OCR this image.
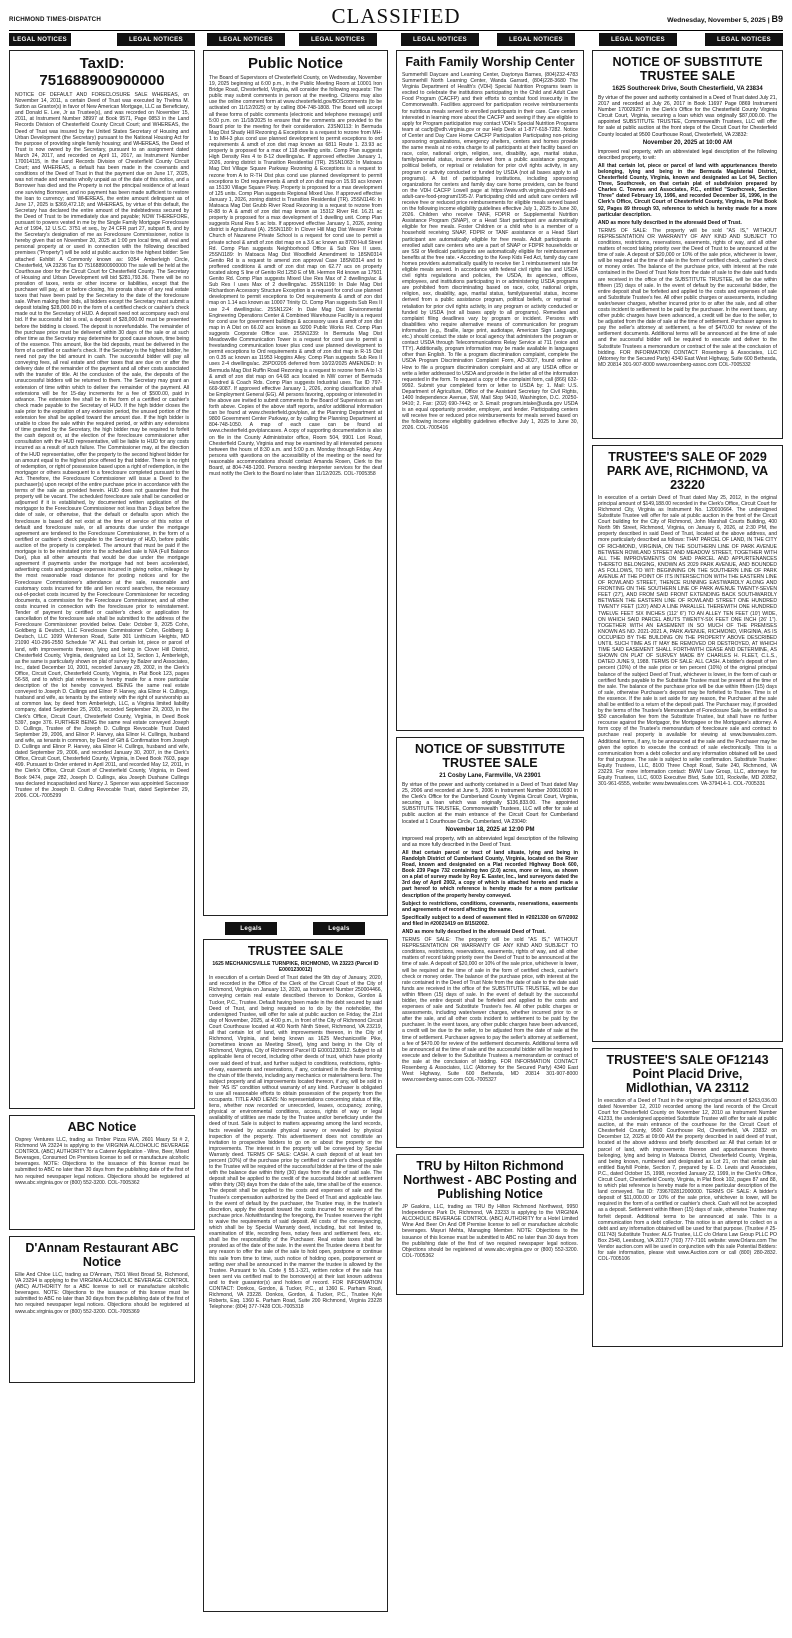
RICHMOND TIMES-DISPATCH	CLASSIFIED	Wednesday, November 5, 2025 | B9
LEGAL NOTICES	LEGAL NOTICES	LEGAL NOTICES	LEGAL NOTICES	LEGAL NOTICES	LEGAL NOTICES	LEGAL NOTICES	LEGAL NOTICES
TaxID: 751688900900000
NOTICE OF DEFAULT AND FORECLOSURE SALE WHEREAS, on November 14, 2011, a certain Deed of Trust was executed by Thelma M. Sutton as Grantor(s) in favor of New American Mortgage, LLC as Beneficiary, and Donald E. Lee, Jr as Trustee(s), and was recorded on November 15, 2011, at Instrument Number 38997 at Book 9571, Page 0853 in the Land Records Division of Chesterfield County Circuit Court; and WHEREAS, the Deed of Trust was insured by the United States Secretary of Housing and Urban Development (the Secretary) pursuant to the National Housing Act for the purpose of providing single family housing; and WHEREAS, the Deed of Trust is now owned by the Secretary, pursuant to an assignment dated March 24, 2017, and recorded on April 11, 2017, as Instrument Number 170014115, in the Land Records Division of Chesterfield County Circuit Court; and WHEREAS, a default has been made in the covenants and conditions of the Deed of Trust in that the payment due on June 17, 2025, was not made and remains wholly unpaid as of the date of this notice, and a Borrower has died and the Property is not the principal residence of at least one surviving Borrower, and no payment has been made sufficient to restore the loan to currency; and WHEREAS, the entire amount delinquent as of June 17, 2025 is $369,472.18; and WHEREAS, by virtue of this default, the Secretary has declared the entire amount of the indebtedness secured by the Deed of Trust to be immediately due and payable; NOW THEREFORE, pursuant to powers vested in me by the Single Family Mortgage Foreclosure Act of 1994, 12 U.S.C. 3751 et seq., by 24 CFR part 27, subpart B, and by the Secretary's designation of me as Foreclosure Commissioner, notice is hereby given that on November 20, 2025 at 1:00 pm local time, all real and personal property at or used in connection with the following described premises ("Property") will be sold at public auction to the highest bidder: See attached Exhibit A Commonly known as: 9354 Amberleigh Circle, Chesterfield, VA 23236 Tax ID 751688900900000 The sale will be held at the Courthouse door for the Circuit Court for Chesterfield County. The Secretary of Housing and Urban Development will bid $281,793.36. There will be no proration of taxes, rents or other income or liabilities, except that the purchaser will pay, at or before closing, his prorata share of any real estate taxes that have been paid by the Secretary to the date of the foreclosure sale. When making their bids, all bidders except the Secretary must submit a deposit totaling $28,000.00 in the form of a certified check or cashier's check made out to the Secretary of HUD. A deposit need not accompany each oral bid. If the successful bid is oral, a deposit of $28,000.00 must be presented before the bidding is closed. The deposit is nonrefundable. The remainder of the purchase price must be delivered within 30 days of the sale or at such other time as the Secretary may determine for good cause shown, time being of the essence. This amount, like the bid deposits, must be delivered in the form of a certified or cashier's check. If the Secretary is the highest bidder, he need not pay the bid amount in cash. The successful bidder will pay all conveying fees, all real estate and other taxes that are due on or after the delivery date of the remainder of the payment and all other costs associated with the transfer of title. At the conclusion of the sale, the deposits of the unsuccessful bidders will be returned to them. The Secretary may grant an extension of time within which to deliver the remainder of the payment. All extensions will be for 15-day increments for a fee of $500.00, paid in advance. The extension fee shall be in the form of a certified or cashier's check made payable to the Secretary of HUD. If the high bidder closes the sale prior to the expiration of any extension period, the unused portion of the extension fee shall be applied toward the amount due. If the high bidder is unable to close the sale within the required period, or within any extensions of time granted by the Secretary, the high bidder may be required to forfeit the cash deposit or, at the election of the foreclosure commissioner after consultation with the HUD representative, will be liable to HUD for any costs incurred as a result of such failure. The Commissioner may, at the direction of the HUD representative, offer the property to the second highest bidder for an amount equal to the highest price offered by that bidder. There is no right of redemption, or right of possession based upon a right of redemption, in the mortgagor or others subsequent to a foreclosure completed pursuant to the Act. Therefore, the Foreclosure Commissioner will issue a Deed to the purchaser(s) upon receipt of the entire purchase price in accordance with the terms of the sale as provided herein. HUD does not guarantee that the property will be vacant. The scheduled foreclosure sale shall be cancelled or adjourned if it is established, by documented written application of the mortgagor to the Foreclosure Commissioner not less than 3 days before the date of sale, or otherwise, that the default or defaults upon which the foreclosure is based did not exist at the time of service of this notice of default and foreclosure sale, or all amounts due under the mortgage agreement are tendered to the Foreclosure Commissioner, in the form of a certified or cashier's check payable to the Secretary of HUD, before public auction of the property is completed. The amount that must be paid if the mortgage is to be reinstated prior to the scheduled sale is N/A (Full Balance Due), plus all other amounts that would be due under the mortgage agreement if payments under the mortgage had not been accelerated, advertising costs and postage expenses incurred in giving notice, mileage by the most reasonable road distance for posting notices and for the Foreclosure Commissioner's attendance at the sale, reasonable and customary costs incurred for title and lien record searches, the necessary out-of-pocket costs incurred by the Foreclosure Commissioner for recording documents, a commission for the Foreclosure Commissioner, and all other costs incurred in connection with the foreclosure prior to reinstatement. Tender of payment by certified or cashier's check or application for cancellation of the foreclosure sale shall be submitted to the address of the Foreclosure Commissioner provided below. Date: October 9, 2025 Cohn, Goldberg & Deutsch, LLC Foreclosure Commissioner Cohn, Goldberg & Deutsch, LLC 1099 Winterson Road, Suite 301 Linthicum Heights, MD 21090 410-296-2550 Schedule "A" ALL that certain lot, piece or parcel of land, with improvements thereon, lying and being in Clover Hill District, Chesterfield County, Virginia, designated as Lot 13, Section 1, Amberleigh, as the same is particularly shown on plat of survey by Balzer and Associates, Inc., dated December 10, 2001, recorded January 28, 2002, in the Clerk's Office, Circuit Court, Chesterfield County, Virginia, in Plat Book 123, pages 56-58, and to which plat reference is hereby made for a more particular description of the lot hereby conveyed. BEING the same real estate conveyed to Joseph D. Cullings and Elinor P. Harvey, aka Elinor H. Cullings, husband and wife, as tenants by the entirety with the right of survivorship as at common law, by deed from Amberleigh, LLC, a Virginia limited liability company, dated September 25, 2003, recorded September 29, 2003, in the Clerk's Office, Circuit Court, Chesterfield County, Virginia, in Deed Book 5397, page 376. FURTHER BEING the same real estate conveyed Joseph D. Cullings, Trustee of the Joseph D. Cullings Revocable Trust Dated September 29, 2006, and Elinor P. Harvey, aka Elinor H. Cullings, husband and wife, as tenants in common, by Deed of Gift & Confirmation from Joseph D. Cullings and Elinor P. Harvey, aka Elinor H. Cullings, husband and wife, dated September 29, 2006, and recorded January 30, 2007, in the Clerk's Office, Circuit Court, Chesterfield County, Virginia, in Deed Book 7603, page 499. Pursuant to Order entered in April 2011, and recorded May 12, 2011, in the Clerk's Office, Circuit Court of Chesterfield County, Virginia, in Deed Book 9474, page 282, Joseph D. Cullings, aka Joseph Dushane Cullings was declared incapacitated and Nancy J. Spencer was appointed Successor Trustee of the Joseph D. Culling Revocable Trust, dated September 29, 2006. COL-7005299
ABC Notice
Osprey Ventures LLC, trading as Timber Pizza RVA, 2601 Maury St # 2, Richmond VA 23224 is applying to the VIRGINIA ALCOHOLIC BEVERAGE CONTROL (ABC) AUTHORITY for a Caterer Application - Wine, Beer, Mixed Beverages, Consumed On Premises license to sell or manufacture alcoholic beverages. NOTE: Objections to the issuance of this license must be submitted to ABC no later than 30 days from the publishing date of the first of two required newspaper legal notices. Objections should be registered at www.abc.virginia.gov or (800) 552-3200. COL-7005362
D'Annam Restaurant ABC Notice
Ellie And Chloe LLC, trading as D'Annam, 7501 West Broad St, Richmond, VA 23294 is applying to the VIRGINIA ALCOHOLIC BEVERAGE CONTROL (ABC) AUTHORITY for a ABC license to sell or manufacture alcoholic beverages. NOTE: Objections to the issuance of this license must be submitted to ABC no later than 30 days from the publishing date of the first of two required newspaper legal notices. Objections should be registered at www.abc.virginia.gov or (800) 552-3200. COL-7005369
Public Notice
The Board of Supervisors of Chesterfield County, on Wednesday, November 19, 2025 beginning at 6:00 p.m., in the Public Meeting Room at 10001 Iron Bridge Road, Chesterfield, Virginia, will consider the following requests: The public may submit comments in person at the meeting. Citizens may also use the online comment form at www.chesterfield.gov/BOScomments (to be activated on 11/12/2025) or by calling 804-748-1808. The Board will accept all these forms of public comments (electronic and telephone message) until 5:00 p.m. on 11/18/2025 to ensure that the comments are provided to the Board prior to the meeting for their consideration. 23SN0113: In Bermuda Mag Dist Shady Hill Rezoning & Exceptions is a request to rezone from MH-1 to MH-3 plus cond use planned development to permit exceptions to ord requirements & amdt of zon dist map known as 6811 Route 1. 23.93 ac property is proposed for a max of 118 dwelling units. Comp Plan suggests High Density Res 4 to 8-12 dwellings/ac. If approved effective January 1, 2026, zoning district is Transition Residential (TR). 25SN1063: In Matoaca Mag Dist Village Square Parkway Rezoning & Exceptions is a request to rezone from A to R-TH Dist plus cond use planned development to permit exceptions to Ord requirements & amdt of zon dist map on 15.93 acs known as 15130 Village Square Pkwy. Property is proposed for a max development of 125 units. Comp Plan suggests Regional Mixed Use. If approved effective January 1, 2026, zoning district is Transition Residential (TR). 25SN1146: In Matoaca Mag Dist Grubb River Road Rezoning is a request to rezone from R-88 to A & amdt of zon dist map known as 15312 River Rd. 16.21 ac property is proposed for a max development of 1 dwelling unit. Comp Plan suggests Rural Res 5 ac lots. If approved effective January 1, 2026, zoning district is Agricultural (A). 25SN1180: In Clover Hill Mag Dist Weaver Pointe Church of Nazarene Private School is a request for cond use to permit a private school & amdt of zon dist map on a 3.6 ac known as 8700 Hull Street Rd. Comp Plan suggests Neighborhood Office & Sub Res II uses. 25SN1189: In Matoaca Mag Dist Woodfield Amendment to 18SN0314 Genito Rd is a request to amend zon approval Case 18SN0314 and to proffered conditions & amdt of zon dist map on 62.77 acs on property located along S line of Genito Rd 1250 E of Mt. Hermon Rd known as 17501 Genito Rd. Comp Plan suggests Mixed Use Res Max of 2 dwellings/ac & Sub Res I uses Max of 2 dwellings/ac. 25SN1199: In Dale Mag Dist Richardson Accessory Structure Exception is a request for cond use planned development to permit exceptions to Ord requirements & amdt of zon dist map on 1.14 acs known as 10007 Trinity Ct. Comp Plan suggests Sub Res II use 2-4 dwellings/ac. 25SN1224: In Dale Mag Dist Environmental Engineering Operations Center & Combined Warehouse Facility is a request for cond use for government buildings & accessory uses & amdt of zon dist map in A Dist on 66.02 acs known as 9200 Public Works Rd. Comp Plan suggests Corporate Office use. 25SN1239: In Bermuda Mag Dist Meadowville Communication Tower is a request for cond use to permit a freestanding communication tower plus cond use planned development to permit exceptions to Ord requirements & amdt of zon dist map in R-15 Dist on 0.35 ac known as 11953 Hoggins Alley. Comp Plan suggests Sub Res II uses 2-4 dwellings/ac. 25PD0205 deferred from 10/22/2025 AMENDED: In Bermuda Mag Dist Ruffin Road Rezoning is a request to rezone from A to I-3 & amdt of zon dist map on 64.68 acs located in NW corner of Bermuda Hundred & Coach Rds. Comp Plan suggests Industrial uses. Tax ID 797-669-9087. If approved effective January 1, 2026, zoning classification shall be Employment General (EG). All persons favoring, opposing or interested in the above are invited to submit comments to the Board of Supervisors as set forth above. Copies of the above staff reports, and/or additional information can be found at www.chesterfield.gov/plan, at the Planning Department at 9800 Government Center Parkway, or by calling the Planning Department at 804-748-1050. A map of each case can be found at www.chesterfield.gov/plancases. A copy of supporting documentation is also on file in the County Administrator office, Room 504, 9901 Lori Road, Chesterfield County, Virginia and may be examined by all interested persons between the hours of 8:30 a.m. and 5:00 p.m. Monday through Friday. Any persons with questions on the accessibility of the meeting or the need for reasonable accommodations should contact Amanda Rosen, Clerk to the Board, at 804-748-1200. Persons needing interpreter services for the deaf must notify the Clerk to the Board no later than 11/12/2025. COL-7005358
Legals	Legals
TRUSTEE SALE

1625 MECHANICSVILLE TURNPIKE, RICHMOND, VA 23223 (Parcel ID E0001230012)

In execution of a certain Deed of Trust dated the 9th day of January, 2020, and recorded in the Office of the Clerk of the Circuit Court of the City of Richmond, Virginia on January 13, 2020, as Instrument Number 250004466, conveying certain real estate described thereon to Donkos, Gordon & Tucker, P.C., Trustee. Default having been made in the debt secured by said Deed of Trust, and being required so to do by the noteholder, the undersigned Trustee, will offer for sale at public auction on Friday, the 21st day of November, 2025, at 4:00 p.m., in front of the City of Richmond Circuit Court Courthouse located at 400 North Ninth Street, Richmond, VA 23219, all that certain lot of land, with improvements thereon, in the City of Richmond, Virginia, and being known as 1625 Mechanicsville Pike, (sometimes known as Meeting Street), lying and being in the City of Richmond, Virginia, City of Richmond Parcel ID E0001230012. Subject to all applicable liens of record, including other deeds of trust, which have priority over said deed of trust, and further subject to conditions, restrictions, rights-of-way, easements and reservations, if any, contained in the deeds forming the chain of title thereto, including any mechanics or materialmens liens. The subject property and all improvements located thereon, if any, will be sold in their "AS IS" condition without warranty of any kind. Purchaser is obligated to use all reasonable efforts to obtain possession of the property from the occupants. TITLE AND LIENS: No representations concerning status of title, liens, whether now recorded or unrecorded, leases, occupancy, zoning, physical or environmental conditions, access, rights of way or legal availability of utilities are made by the Trustee and/or beneficiary under the deed of trust. Sale is subject to matters appearing among the land records, facts revealed by accurate physical survey or revealed by physical inspection of the property. This advertisement does not constitute an invitation to prospective bidders to go on or about the property or the improvements. The interest in the property will be conveyed by Special Warranty deed. TERMS OF SALE: CASH. A cash deposit of at least ten percent (10%) of the purchase price by certified or cashier's check payable to the Trustee will be required of the successful bidder at the time of the sale with the balance due within thirty (30) days from the date of said sale. The deposit shall be applied to the credit of the successful bidder at settlement within thirty (30) days from the date of the sale, time shall be of the essence. The deposit shall be applied to the costs and expenses of sale and the Trustee's compensation authorized by the Deed of Trust and applicable law. In the event of default by the purchaser, the Trustee may, in the trustee's discretion, apply the deposit toward the costs incurred for recovery of the purchase price. Notwithstanding the foregoing, the Trustee reserves the right to waive the requirements of said deposit. All costs of the conveyancing, which shall be by Special Warranty deed, including, but not limited to, examination of title, recording fees, notary fees and settlement fees, etc. shall be the responsibility of the Purchaser. Real estate taxes shall be prorated as of the date of the sale. In the event the Trustee deems it best for any reason to offer the sale of the sale to hold open, postpone or continue this sale from time to time, such notice of holding open, postponement or setting over shall be announced in the manner the trustee is allowed by the Trustee. Pursuant to Va. Code § 55.1-321, written notice of the sale has been sent via certified mail to the borrower(s) at their last known address and to their guarantor(s) and holders of record. FOR INFORMATION CONTACT: Donkos, Gordon, & Tucker, P.C., at 1360 E. Parham Road, Richmond, VA 23228. Donkos, Gordon, & Tucker, P.C., Trustee Kyle Roberts, Esq. 1360 E. Parham Road, Suite 200 Richmond, Virginia 23228 Telephone: (804) 377-7428 COL-7005318
Faith Family Worship Center
Summerhill Daycare and Learning Center, Daytonya Barnes, (804)232-4783 Summerhill North Learning Center, Wanda Garrard, (804)228-3680 The Virginia Department of Health's (VDH) Special Nutrition Programs team is excited to celebrate the institutions participating in the Child and Adult Care Food Program (CACFP) and their efforts to combat food insecurity in the Commonwealth. Facilities approved for participation receive reimbursements for nutritious meals served to enrolled participants in their care. Care centers interested in learning more about the CACFP and seeing if they are eligible to apply for Program participation may contact VDH's Special Nutrition Programs team at cacfp@vdh.virginia.gov or our Help Desk at 1-877-618-7282. Notice of Center and Day Care Home CACFP Participation Participating non-pricing sponsoring organizations, emergency shelters, centers and homes provide the same meals at no extra charge to all participants at their facility based on race, color, national origin, religion, sex, disability, age, marital status, family/parental status, income derived from a public assistance program, political beliefs, or reprisal or retaliation for prior civil rights activity, in any program or activity conducted or funded by USDA (not all bases apply to all programs). A list of participating institutions, including sponsoring organizations for centers and family day care home providers, can be found on the VDH CACFP Lowell page at https://www.vdh.virginia.gov/child-and-adult-care-food-program/195-2/. Participating child and adult care centers will receive free or reduced price reimbursements for eligible meals served based on the following income eligibility guidelines effective July 1, 2025 to June 30, 2026. Children who receive TANF, FDPIR or Supplemental Nutrition Assistance Program (SNAP), or a Head Start participant are automatically eligible for free meals. Foster Children or a child who is a member of a household receiving SNAP, FDPIR or TANF assistance or a Head Start participant are automatically eligible for free meals. Adult participants at enrolled adult care centers who are a part of SNAP or FDPIR households or are SSI or Medicaid participants are automatically eligible for reimbursement benefits at the free rate. • According to the Keep Kids Fed Act, family day care homes providers automatically qualify to receive tier 1 reimbursement rate for eligible meals served. In accordance with federal civil rights law and USDA civil rights regulations and policies, the USDA, its agencies, offices, employees, and institutions participating in or administering USDA programs are prohibited from discriminating based on race, color, national origin, religion, sex, disability, age, marital status, family/parental status, income derived from a public assistance program, political beliefs, or reprisal or retaliation for prior civil rights activity, in any program or activity conducted or funded by USDA (not all bases apply to all programs). Remedies and complaint filing deadlines vary by program or incident. Persons with disabilities who require alternative means of communication for program information (e.g., Braille, large print, audiotape, American Sign Language, etc.) should contact the state or local agency that administers the program or contact USDA through Telecommunications Relay Service at 711 (voice and TTY). Additionally, program information may be made available in languages other than English. To file a program discrimination complaint, complete the USDA Program Discrimination Complaint Form, AD-3027, found online at How to file a program discrimination complaint and at any USDA office or write a letter addressed to USDA and provide in the letter all of the information requested in the form. To request a copy of the complaint form, call (866) 632-9992. Submit your completed form or letter to USDA by: 1. Mail: U.S. Department of Agriculture, Office of the Assistant Secretary for Civil Rights, 1400 Independence Avenue, SW, Mail Stop 9410, Washington, D.C. 20250-9410; 2. Fax: (202) 690-7442; or 3. Email: program.intake@usda.gov USDA is an equal opportunity provider, employer, and lender. Participating centers will receive free or reduced price reimbursements for meals served based on the following income eligibility guidelines effective July 1, 2025 to June 30, 2026. COL-7005416
NOTICE OF SUBSTITUTE TRUSTEE SALE
21 Cosby Lane, Farmville, VA 23901

By virtue of the power and authority contained in a Deed of Trust dated May 25, 2006 and recorded at June 5, 2006 in Instrument Number 200610030 in the Clerk's Office for the Cumberland County Virginia Circuit Court, Virginia, securing a loan which was originally $136,833.00. The appointed SUBSTITUTE TRUSTEE, Commonwealth Trustees, LLC will offer for sale at public auction at the main entrance of the Circuit Court for Cumberland located at 1 Courthouse Circle, Cumberland, VA 23040:

November 18, 2025 at 12:00 PM

improved real property, with an abbreviated legal description of the following and as more fully described in the Deed of Trust.

All that certain parcel or tract of land situate, lying and being in Randolph District of Cumberland County, Virginia, located on the River Road, known and designated on a Plat recorded Highway Book 600, Book 239 Page 732 containing two (2.0) acres, more or less, as shown on a plat of survey made by Roy E. Easter, Inc., land surveyors dated the 3rd day of April 2002, a copy of which is attached hereto and made a part hereof to which reference is hereby made for a more particular description of the property hereby conveyed.

Subject to restrictions, conditions, covenants, reservations, easements and agreements of record affecting the same.

Specifically subject to a deed of easement filed in #2021330 on 6/7/2002 and filed in #20021419 on 8/15/2002.

AND as more fully described in the aforesaid Deed of Trust.

TERMS OF SALE: The property will be sold "AS IS," WITHOUT REPRESENTATION OR WARRANTY OF ANY KIND AND SUBJECT TO conditions, restrictions, reservations, easements, rights of way, and all other matters of record taking priority over the Deed of Trust to be announced at the time of sale. A deposit of $20,000 or 10% of the sale price, whichever is lower, will be required at the time of sale in the form of certified check, cashier's check or money order. The balance of the purchase price, with interest at the rate contained in the Deed of Trust Note from the date of sale to the date said funds are received in the office of the SUBSTITUTE TRUSTEE, will be due within fifteen (15) days of sale. In the event of default by the successful bidder, the entire deposit shall be forfeited and applied to the costs and expenses of sale and Substitute Trustee's fee. All other public charges or assessments, including water/sewer charges, whether incurred prior to or after the sale, and all other costs incident to settlement to be paid by the purchaser. In the event taxes, any other public charges have been advanced, a credit will be due to the seller, to be adjusted from the date of sale at the time of settlement. Purchaser agrees to pay the seller's attorney at settlement, a fee of $470.00 for review of the settlement documents. Additional terms will be announced at the time of sale and the successful bidder will be required to execute and deliver to the Substitute Trustees a memorandum or contract of the sale at the conclusion of bidding. FOR INFORMATION CONTACT Rosenberg & Associates, LLC (Attorney for the Secured Party) 4340 East West Highway, Suite 600 Bethesda, MD 20814 301-907-8000 www.rosenberg-assoc.com COL-7005327
TRU by Hilton Richmond Northwest - ABC Posting and Publishing Notice
JP Gaskins, LLC, trading as TRU By Hilton Richmond Northwest, 9950 Independence Park Dr, Richmond, VA 23233 is applying to the VIRGINIA ALCOHOLIC BEVERAGE CONTROL (ABC) AUTHORITY for a Hotel Limited Wine And Beer On And Off Premise license to sell or manufacture alcoholic beverages. Mayuri Mehta, Managing Member. NOTE: Objections to the issuance of this license must be submitted to ABC no later than 30 days from the publishing date of the first of two required newspaper legal notices. Objections should be registered at www.abc.virginia.gov or (800) 552-3200. COL-7005362
NOTICE OF SUBSTITUTE TRUSTEE SALE
1625 Southcreek Drive, South Chesterfield, VA 23834

By virtue of the power and authority contained in a Deed of Trust dated July 21, 2017 and recorded at July 26, 2017 in Book 11697 Page 0869 Instrument Number 170029257 in the Clerk's Office for the Chesterfield County Virginia Circuit Court, Virginia, securing a loan which was originally $87,000.00. The appointed SUBSTITUTE TRUSTEE, Commonwealth Trustees, LLC will offer for sale at public auction at the front steps of the Circuit Court for Chesterfield County located at 9500 Courthouse Road, Chesterfield, VA 23832:

November 20, 2025 at 10:00 AM

improved real property, with an abbreviated legal description of the following described property, to wit:

All that certain lot, piece or parcel of land with appurtenances thereto belonging, lying and being in the Bermuda Magisterial District, Chesterfield County, Virginia, known and designated as Lot 94, Section Three, Southcreek, on that certain plat of subdivision prepared by Charles C. Townes and Associates, P.C., entitled "Southcreek, Section Three" dated February 19, 1996, and recorded December 16, 1996, in the Clerk's Office, Circuit Court of Chesterfield County, Virginia, in Plat Book 92, Pages 89 through 93, reference to which is hereby made for a more particular description.

AND as more fully described in the aforesaid Deed of Trust.

TERMS OF SALE: The property will be sold "AS IS," WITHOUT REPRESENTATION OR WARRANTY OF ANY KIND AND SUBJECT TO conditions, restrictions, reservations, easements, rights of way, and all other matters of record taking priority over the Deed of Trust to be announced at the time of sale. A deposit of $20,000 or 10% of the sale price, whichever is lower, will be required at the time of sale in the form of certified check, cashier's check or money order. The balance of the purchase price, with interest at the rate contained in the Deed of Trust Note from the date of sale to the date said funds are received in the office of the SUBSTITUTE TRUSTEE, will be due within fifteen (15) days of sale. In the event of default by the successful bidder, the entire deposit shall be forfeited and applied to the costs and expenses of sale and Substitute Trustee's fee. All other public charges or assessments, including water/sewer charges, whether incurred prior to or after the sale, and all other costs incident to settlement to be paid by the purchaser. In the event taxes, any other public charges have been advanced, a credit will be due to the seller, to be adjusted from the date of sale at the time of settlement. Purchaser agrees to pay the seller's attorney at settlement, a fee of $470.00 for review of the settlement documents. Additional terms will be announced at the time of sale and the successful bidder will be required to execute and deliver to the Substitute Trustees a memorandum or contract of the sale at the conclusion of bidding. FOR INFORMATION CONTACT Rosenberg & Associates, LLC (Attorney for the Secured Party) 4340 East West Highway, Suite 600 Bethesda, MD 20814 301-907-8000 www.rosenberg-assoc.com COL-7005332
TRUSTEE'S SALE OF 2029 PARK AVE, RICHMOND, VA 23220
In execution of a certain Deed of Trust dated May 25, 2012, in the original principal amount of $149,188.00 recorded in the Clerk's Office, Circuit Court for Richmond City, Virginia as Instrument No. 120010664. The undersigned Substitute Trustee will offer for sale at public auction in the front of the Circuit Court building for the City of Richmond, John Marshall Courts Building, 400 North 9th Street, Richmond, Virginia, on January 6, 2026, at 2:30 PM, the property described in said Deed of Trust, located at the above address, and more particularly described as follows: THAT PARCEL OF LAND, IN THE CITY OF RICHMOND, VIRGINIA, ON THE SOUTHERN LINE OF PARK AVENUE BETWEEN ROWLAND STREET AND MEADOW STREET, TOGETHER WITH ALL THE IMPROVEMENTS ON SAID PARCEL AND APPURTENANCES THERETO BELONGING, KNOWN AS 2029 PARK AVENUE, AND BOUNDED AS FOLLOWS, TO WIT: BEGINNING ON THE SOUTHERN LINE OF PARK AVENUE AT THE POINT OF ITS INTERSECTION WITH THE EASTERN LINE OF ROWLAND STREET, THENCE RUNNING EASTWARDLY ALONG AND FRONTING ON THE SOUTHERN LINE OF PARK AVENUE TWENTY-SEVEN FEET (27'), AND FROM SAID FRONT EXTENDING BACK SOUTHWARDLY BETWEEN THE EASTERN LINE OF ROWLAND STREET ONE HUNDRED TWENTY FEET (120') AND A LINE PARALLEL THEREWITH ONE HUNDRED TWELVE FEET SIX INCHES (112' 6") TO AN ALLEY TEN FEET (10') WIDE, ON WHICH SAID PARCEL ABUTS TWENTY-SIX FEET ONE INCH (26' 1"). TOGETHER WITH AN EASEMENT IN SO MUCH OF THE PREMISES KNOWN AS NO. 2021-2021 A, PARK AVENUE, RICHMOND, VIRGINIA, AS IS OCCUPIED BY THE BUILDING ON THE PROPERTY ABOVE DESCRIBED UNTIL SUCH TIME AS IT MAY BE REMOVED OR DESTROYED, AT WHICH TIME SAID EASEMENT SHALL FORTHWITH CEASE AND DETERMINE, AS SHOWN ON PLAT OF SURVEY MADE BY CHARLES H. FLEET, C.L.S., DATED JUNE 9, 1988. TERMS OF SALE: ALL CASH. A bidder's deposit of ten percent (10%) of the sale price or ten percent (10%) of the original principal balance of the subject Deed of Trust, whichever is lower, in the form of cash or certified funds payable to the Substitute Trustee must be present at the time of the sale. The balance of the purchase price will be due within fifteen (15) days of sale, otherwise Purchaser's deposit may be forfeited to Trustee. Time is of the essence. If the sale is set aside for any reason, the Purchaser at the sale shall be entitled to a return of the deposit paid. The Purchaser may, if provided by the terms of the Trustee's Memorandum of Foreclosure Sale, be entitled to a $50 cancellation fee from the Substitute Trustee, but shall have no further recourse against the Mortgagor, the Mortgagee or the Mortgagee's attorney. A form copy of the Trustee's memorandum of foreclosure sale and contract to purchase real property is available for viewing at www.bwwsales.com. Additional terms, if any, to be announced at the sale and the Purchaser may be given the option to execute the contract of sale electronically. This is a communication from a debt collector and any information obtained will be used for that purpose. The sale is subject to seller confirmation. Substitute Trustee: Equity Trustees, LLC, 8100 Three Chopt Road, Suite 240, Richmond, VA 23229. For more information contact: BWW Law Group, LLC, attorneys for Equity Trustees, LLC, 6003 Executive Blvd, Suite 101, Rockville, MD 20852, 301-961-6555, website: www.bwwsales.com. VA-379414-1. COL-7005331
TRUSTEE'S SALE OF12143 Point Placid Drive, Midlothian, VA 23112
In execution of a Deed of Trust in the original principal amount of $263,036.00 dated November 12, 2010 recorded among the land records of the Circuit Court for Chesterfield County on November 12, 2010 as Instrument Number 41233, the undersigned appointed Substitute Trustee will offer for sale at public auction, at the main entrance of the courthouse for the Circuit Court of Chesterfield County, 9500 Courthouse Rd, Chesterfield, VA 23832 on December 12, 2025 at 09:00 AM the property described in said deed of trust, located at the above address and briefly described as: All that certain lot or parcel of land, with improvements thereon and appurtenances thereto belonging, lying and being in Matoaca District, Chesterfield County, Virginia, and being known, numbered and designated as Lot 21, on that certain plat entitled Bayhill Pointe, Section 7, prepared by E. D. Lewis and Associates, P.C., dated October 15, 1998, recorded January 22, 1999, in the Clerk's Office, Circuit Court, Chesterfield County, Virginia, in Plat Book 102, pages 87 and 88, to which plat reference is hereby made for a more particular description of the land conveyed. Tax ID: 7396702812000000. TERMS OF SALE: A bidder's deposit of $11,000.00 or 10% of the sale price, whichever is lower, will be required in the form of a certified or cashier's check. Cash will not be accepted as a deposit. Settlement within fifteen (15) days of sale, otherwise Trustee may forfeit deposit. Additional terms to be announced at sale. This is a communication from a debt collector. This notice is an attempt to collect on a debt and any information obtained will be used for that purpose. (Trustee # 25-011743) Substitute Trustee: ALG Trustee, LLC c/o Orlans Law Group PLLC PO Box 2548, Leesburg, VA 20177 (703) 777-7101 website: www.Orlans.com The Vendor auction.com will be used in conjunction with this sale Potential Bidders: for sale information, please visit www.Auction.com or call (800) 280-2832. COL-7005106
